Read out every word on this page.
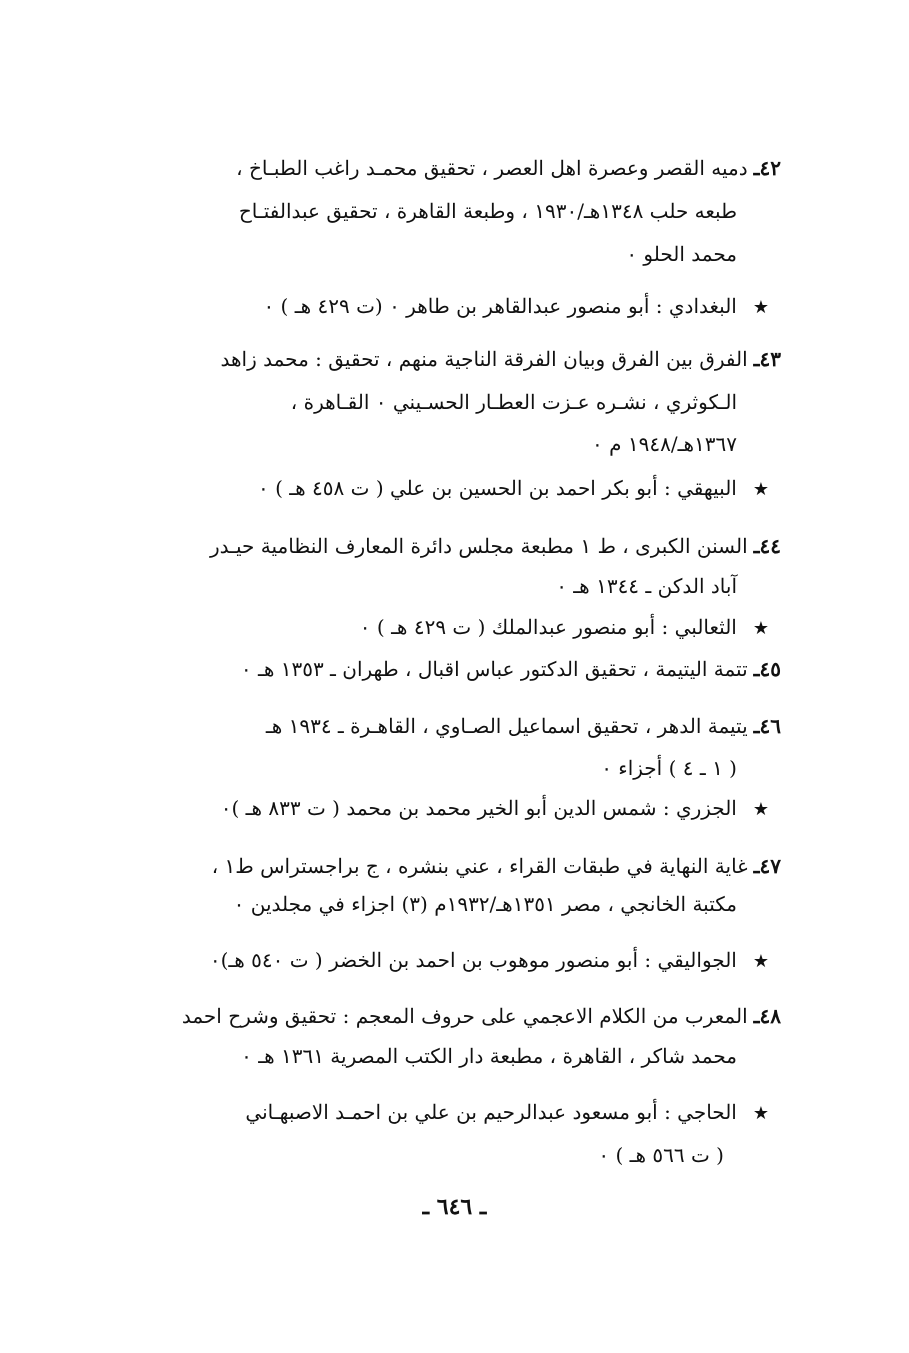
٤٢ـدميه القصر وعصرة اهل العصر ، تحقيق محمـد راغب الطبـاخ ،
طبعه حلب ١٣٤٨هـ/١٩٣٠ ، وطبعة القاهرة ، تحقيق عبدالفتـاح
محمد الحلو ٠
★البغدادي : أبو منصور عبدالقاهر بن طاهر ٠ (ت ٤٢٩ هـ ) ٠
٤٣ـالفرق بين الفرق وبيان الفرقة الناجية منهم ، تحقيق : محمد زاهد
الـكوثري ، نشـره عـزت العطـار الحسـيني ٠ القـاهرة ،
١٣٦٧هـ/١٩٤٨ م ٠
★البيهقي : أبو بكر احمد بن الحسين بن علي ( ت ٤٥٨ هـ ) ٠
٤٤ـالسنن الكبرى ، ط ١ مطبعة مجلس دائرة المعارف النظامية حيـدر
آباد الدكن ـ ١٣٤٤ هـ ٠
★الثعالبي : أبو منصور عبدالملك ( ت ٤٢٩ هـ ) ٠
٤٥ـتتمة اليتيمة ، تحقيق الدكتور عباس اقبال ، طهران ـ ١٣٥٣ هـ ٠
٤٦ـيتيمة الدهر ، تحقيق اسماعيل الصـاوي ، القاهـرة ـ ١٩٣٤ هـ
( ١ ـ ٤ ) أجزاء ٠
★الجزري : شمس الدين أبو الخير محمد بن محمد ( ت ٨٣٣ هـ )٠
٤٧ـغاية النهاية في طبقات القراء ، عني بنشره ، ج براجستراس ط١ ،
مكتبة الخانجي ، مصر ١٣٥١هـ/١٩٣٢م (٣) اجزاء في مجلدين ٠
★الجواليقي : أبو منصور موهوب بن احمد بن الخضر ( ت ٥٤٠ هـ)٠
٤٨ـالمعرب من الكلام الاعجمي على حروف المعجم : تحقيق وشرح احمد
محمد شاكر ، القاهرة ، مطبعة دار الكتب المصرية ١٣٦١ هـ ٠
★الحاجي : أبو مسعود عبدالرحيم بن علي بن احمـد الاصبهـاني
( ت ٥٦٦ هـ ) ٠
ـ ٦٤٦ ـ
